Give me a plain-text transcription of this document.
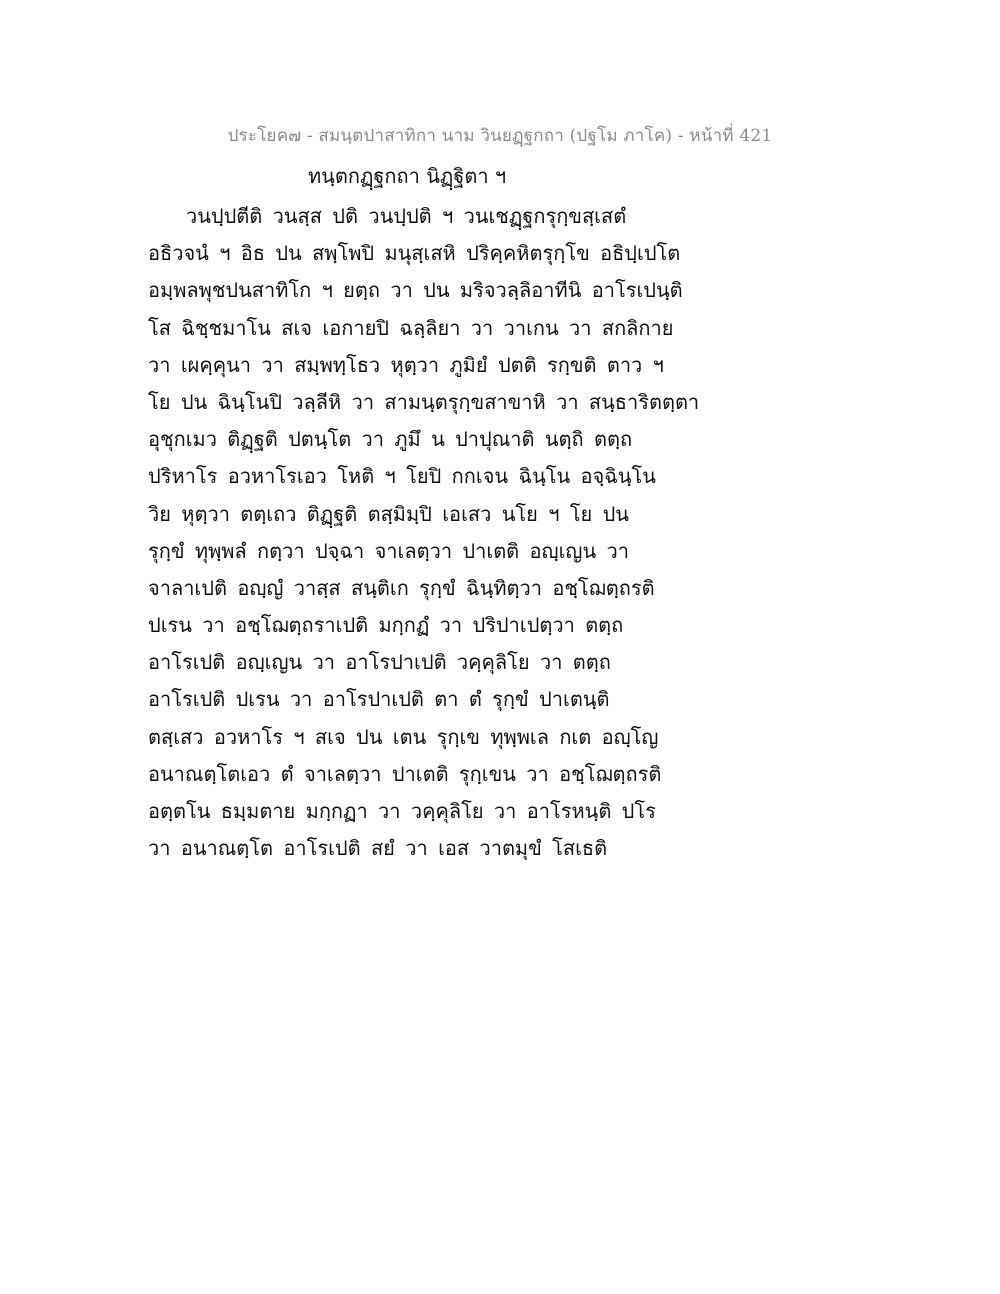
ประโยค๗ - สมนฺตปาสาทิกา นาม วินยฏฺฐกถา (ปฐโม ภาโค) - หน้าที่ 421
ทนฺตกฏฺฐกถา นิฏฺฐิตา ฯ
วนปฺปตีติ วนสฺส ปติ วนปฺปติ ฯ วนเชฏฺฐกรุกฺขสฺเสตํ
อธิวจนํ ฯ อิธ ปน สพฺโพปิ มนุสฺเสหิ ปริคฺคหิตรุกฺโข อธิปฺเปโต
อมฺพลพุชปนสาทิโก ฯ ยตฺถ วา ปน มริจวลฺลิอาทีนิ อาโรเปนฺติ
โส ฉิชฺชมาโน สเจ เอกายปิ ฉลฺลิยา วา วาเกน วา สกลิกาย
วา เผคฺคุนา วา สมฺพทฺโธว หุตฺวา ภูมิยํ ปตติ รกฺขติ ตาว ฯ
โย ปน ฉินฺโนปิ วลฺลีหิ วา สามนฺตรุกฺขสาขาหิ วา สนฺธาริตตฺตา
อุชุกเมว ติฏฺฐติ ปตนฺโต วา ภูมึ น ปาปุณาติ นตฺถิ ตตฺถ
ปริหาโร อวหาโรเอว โหติ ฯ โยปิ กกเจน ฉินฺโน อจฺฉินฺโน
วิย หุตฺวา ตตฺเถว ติฏฺฐติ ตสฺมิมฺปิ เอเสว นโย ฯ โย ปน
รุกฺขํ ทุพฺพลํ กตฺวา ปจฺฉา จาเลตฺวา ปาเตติ อญฺเญน วา
จาลาเปติ อญฺญํ วาสฺส สนฺติเก รุกฺขํ ฉินฺทิตฺวา อชฺโฌตฺถรติ
ปเรน วา อชฺโฌตฺถราเปติ มกฺกฏํ วา ปริปาเปตฺวา ตตฺถ
อาโรเปติ อญฺเญน วา อาโรปาเปติ วคฺคุลิโย วา ตตฺถ
อาโรเปติ ปเรน วา อาโรปาเปติ ตา ตํ รุกฺขํ ปาเตนฺติ
ตสฺเสว อวหาโร ฯ สเจ ปน เตน รุกฺเข ทุพฺพเล กเต อญฺโญ
อนาณตฺโตเอว ตํ จาเลตฺวา ปาเตติ รุกฺเขน วา อชฺโฌตฺถรติ
อตฺตโน ธมฺมตาย มกฺกฏา วา วคฺคุลิโย วา อาโรหนฺติ ปโร
วา อนาณตฺโต อาโรเปติ สยํ วา เอส วาตมุขํ โสเธติ
